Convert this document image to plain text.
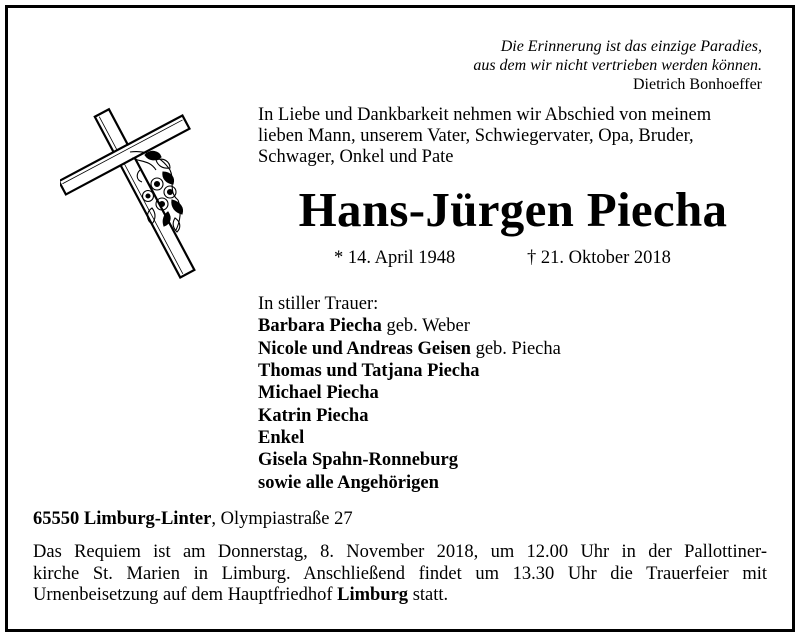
Die Erinnerung ist das einzige Paradies,
aus dem wir nicht vertrieben werden können.
Dietrich Bonhoeffer
In Liebe und Dankbarkeit nehmen wir Abschied von meinem
lieben Mann, unserem Vater, Schwiegervater, Opa, Bruder,
Schwager, Onkel und Pate
Hans-Jürgen Piecha
* 14. April 1948	† 21. Oktober 2018
In stiller Trauer:
Barbara Piecha geb. Weber
Nicole und Andreas Geisen geb. Piecha
Thomas und Tatjana Piecha
Michael Piecha
Katrin Piecha
Enkel
Gisela Spahn-Ronneburg
sowie alle Angehörigen
65550 Limburg-Linter, Olympiastraße 27
Das Requiem ist am Donnerstag, 8. November 2018, um 12.00 Uhr in der Pallottiner-
kirche St. Marien in Limburg. Anschließend findet um 13.30 Uhr die Trauerfeier mit
Urnenbeisetzung auf dem Hauptfriedhof Limburg statt.
